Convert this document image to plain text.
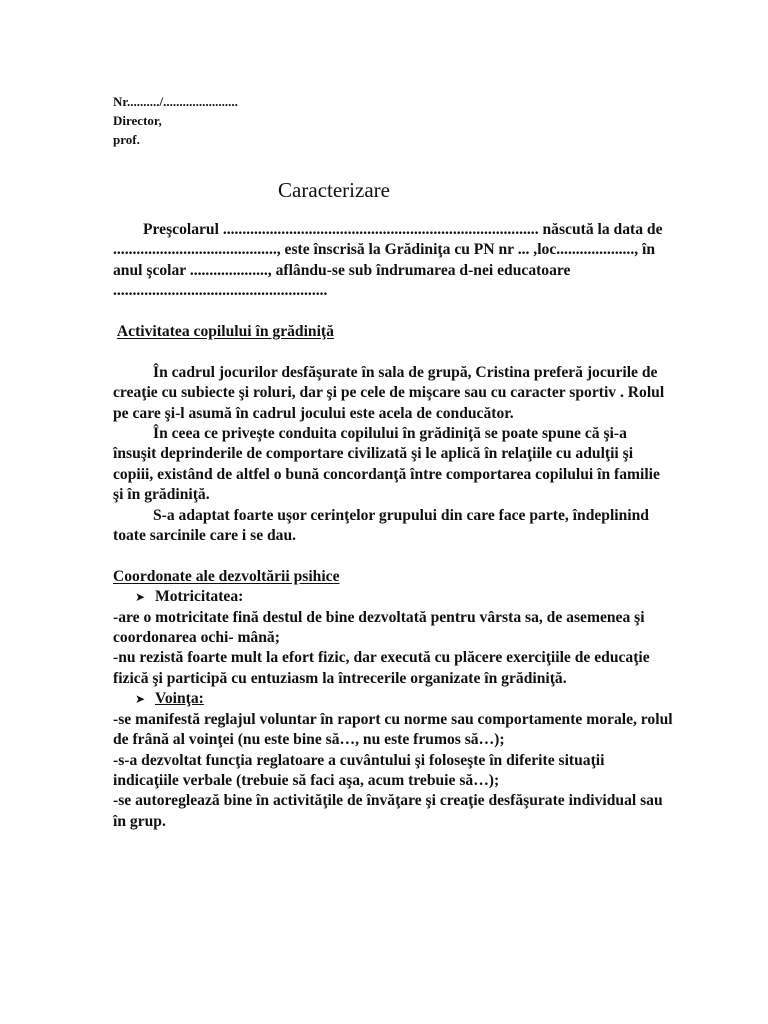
Nr........../.......................
Director,
prof.
Caracterizare

Preşcolarul ................................................................................. născută la data de .........................................., este înscrisă la Grădiniţa cu PN nr ... ,loc...................., în anul şcolar ...................., aflându-se sub îndrumarea d-nei educatoare .......................................................

Activitatea copilului în grădiniţă

În cadrul jocurilor desfăşurate în sala de grupă, Cristina preferă jocurile de creaţie cu subiecte şi roluri, dar şi pe cele de mişcare sau cu caracter sportiv . Rolul pe care şi-l asumă în cadrul jocului este acela de conducător.

În ceea ce priveşte conduita copilului în grădiniţă se poate spune că şi-a însuşit deprinderile de comportare civilizată şi le aplică în relaţiile cu adulţii şi copiii, existând de altfel o bună concordanţă între comportarea copilului în familie şi în grădiniţă.

S-a adaptat foarte uşor cerinţelor grupului din care face parte, îndeplinind toate sarcinile care i se dau.

Coordonate ale dezvoltării psihice

➤ Motricitatea:

-are o motricitate fină destul de bine dezvoltată pentru vârsta sa, de asemenea şi coordonarea ochi- mână;

-nu rezistă foarte mult la efort fizic, dar execută cu plăcere exerciţiile de educaţie fizică şi participă cu entuziasm la întrecerile organizate în grădiniţă.

➤ Voinţa:

-se manifestă reglajul voluntar în raport cu norme sau comportamente morale, rolul de frână al voinţei (nu este bine să…, nu este frumos să…);

-s-a dezvoltat funcţia reglatoare a cuvântului şi foloseşte în diferite situaţii indicaţiile verbale (trebuie să faci aşa, acum trebuie să…);

-se autoreglează bine în activităţile de învăţare şi creaţie desfăşurate individual sau în grup.
